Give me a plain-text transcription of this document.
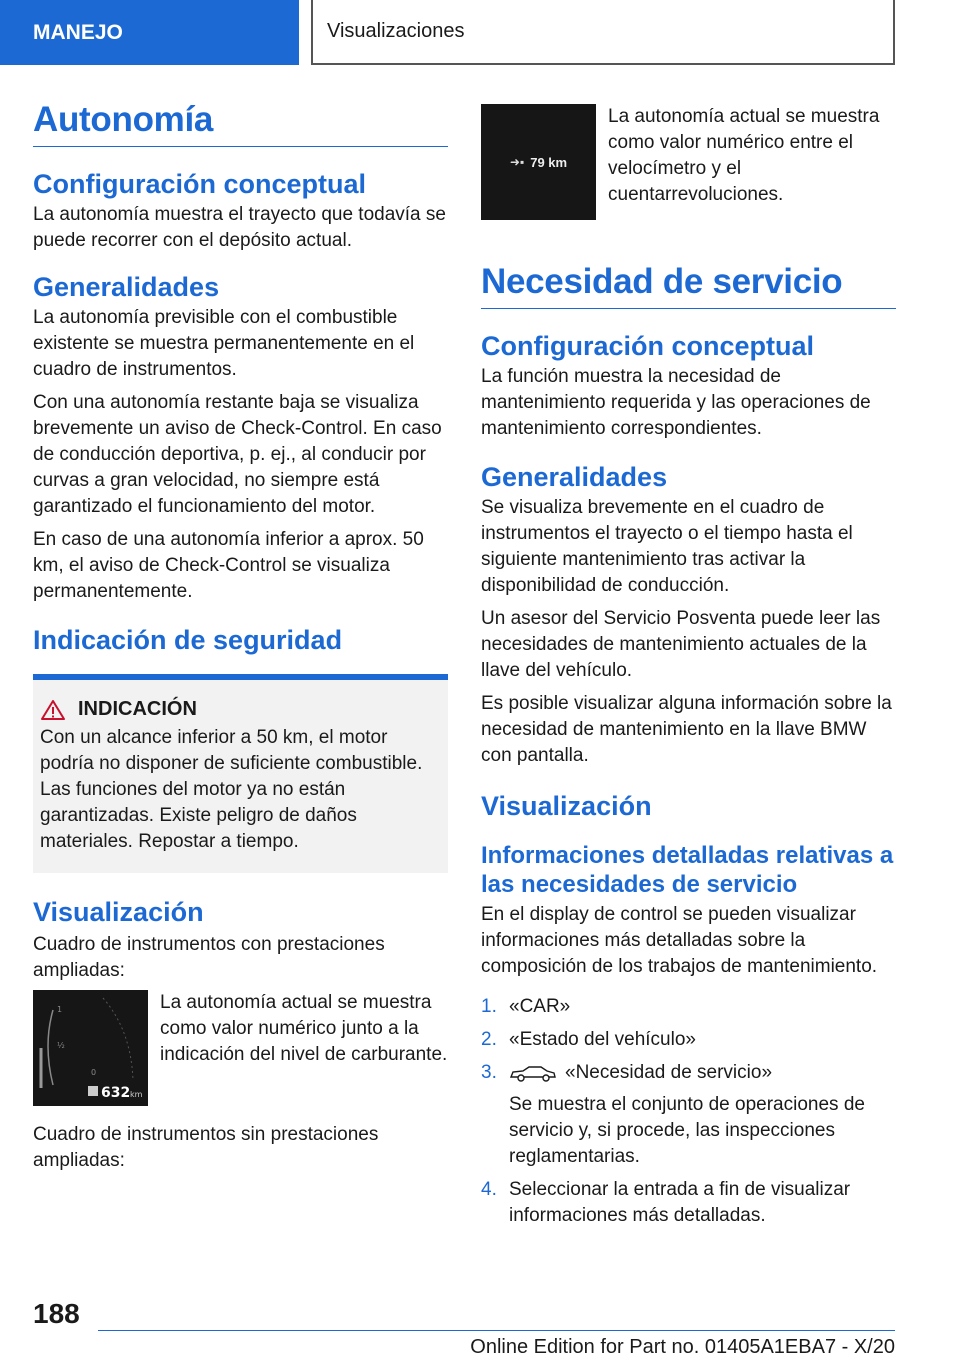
MANEJO	Visualizaciones
Autonomía
Configuración conceptual

La autonomía muestra el trayecto que todavía se puede recorrer con el depósito actual.

Generalidades

La autonomía previsible con el combustible existente se muestra permanentemente en el cuadro de instrumentos.

Con una autonomía restante baja se visualiza brevemente un aviso de Check-Control. En caso de conducción deportiva, p. ej., al conducir por curvas a gran velocidad, no siempre está garantizado el funcionamiento del motor.

En caso de una autonomía inferior a aprox. 50 km, el aviso de Check-Control se visualiza permanentemente.

Indicación de seguridad
INDICACIÓN

Con un alcance inferior a 50 km, el motor podría no disponer de suficiente combustible. Las funciones del motor ya no están garantizadas. Existe peligro de daños materiales. Repostar a tiempo.

Visualización

Cuadro de instrumentos con prestaciones ampliadas:

1
½
0
632 km

La autonomía actual se muestra como valor numérico junto a la indicación del nivel de carburante.

Cuadro de instrumentos sin prestaciones ampliadas:

➜▪ 79 km

La autonomía actual se muestra como valor numérico entre el velocímetro y el cuentarrevoluciones.

Necesidad de servicio
Configuración conceptual

La función muestra la necesidad de mantenimiento requerida y las operaciones de mantenimiento correspondientes.

Generalidades

Se visualiza brevemente en el cuadro de instrumentos el trayecto o el tiempo hasta el siguiente mantenimiento tras activar la disponibilidad de conducción.

Un asesor del Servicio Posventa puede leer las necesidades de mantenimiento actuales de la llave del vehículo.

Es posible visualizar alguna información sobre la necesidad de mantenimiento en la llave BMW con pantalla.

Visualización
Informaciones detalladas relativas a las necesidades de servicio

En el display de control se pueden visualizar informaciones más detalladas sobre la composición de los trabajos de mantenimiento.

1. «CAR»
2. «Estado del vehículo»
3.	«Necesidad de servicio»
Se muestra el conjunto de operaciones de servicio y, si procede, las inspecciones reglamentarias.
4. Seleccionar la entrada a fin de visualizar informaciones más detalladas.
188
Online Edition for Part no. 01405A1EBA7 - X/20
